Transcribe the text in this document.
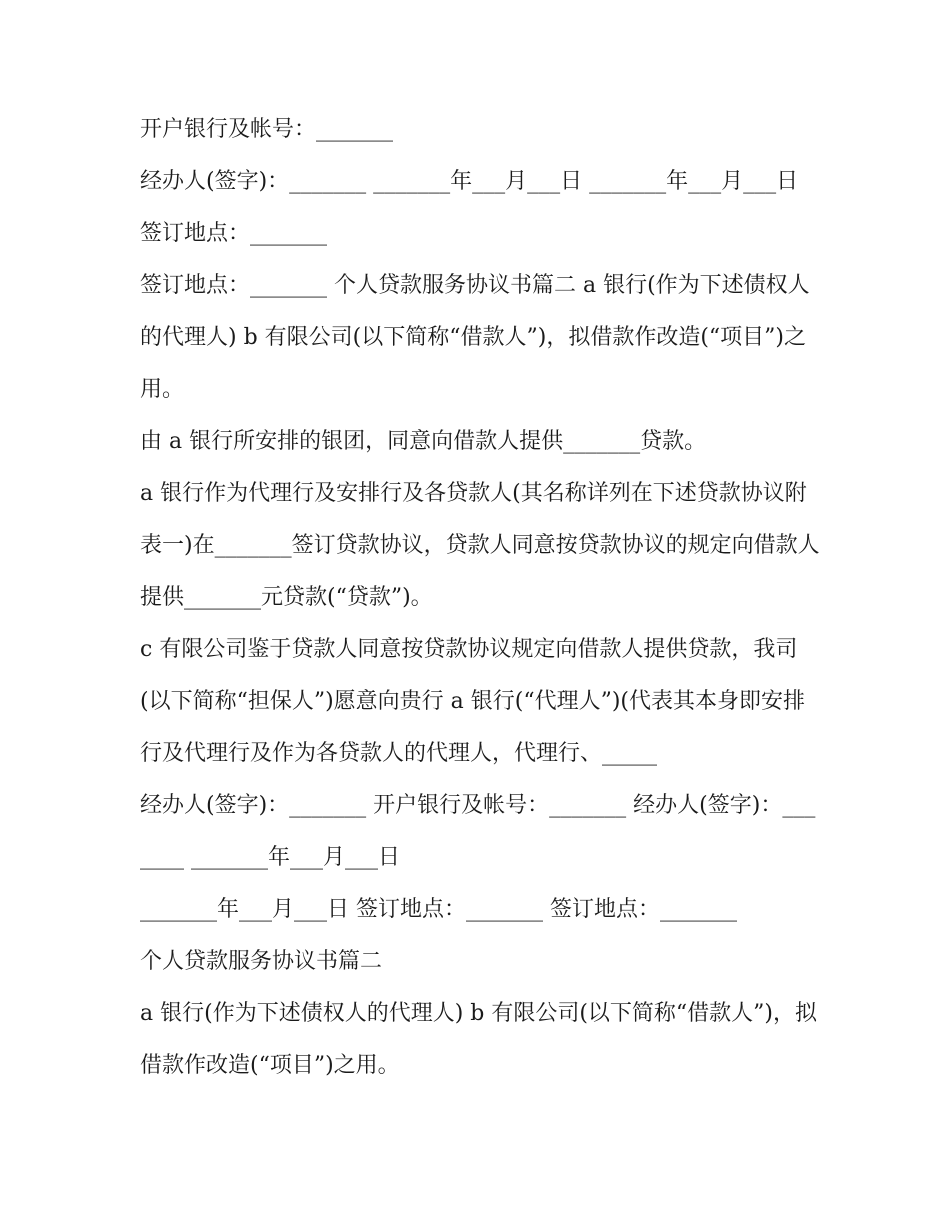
开户银行及帐号：_______

经办人(签字)：_______ _______年___月___日 _______年___月___日 签订地点：_______

签订地点：_______ 个人贷款服务协议书篇二 a 银行(作为下述债权人的代理人) b 有限公司(以下简称“借款人”)，拟借款作改造(“项目”)之用。

由 a 银行所安排的银团，同意向借款人提供_______贷款。

a 银行作为代理行及安排行及各贷款人(其名称详列在下述贷款协议附表一)在_______签订贷款协议，贷款人同意按贷款协议的规定向借款人提供_______元贷款(“贷款”)。

c 有限公司鉴于贷款人同意按贷款协议规定向借款人提供贷款，我司(以下简称“担保人”)愿意向贵行 a 银行(“代理人”)(代表其本身即安排行及代理行及作为各贷款人的代理人，代理行、_____

经办人(签字)：_______ 开户银行及帐号：_______ 经办人(签字)：_______ _______年___月___日

_______年___月___日 签订地点：_______ 签订地点：_______

个人贷款服务协议书篇二

a 银行(作为下述债权人的代理人) b 有限公司(以下简称“借款人”)，拟借款作改造(“项目”)之用。
